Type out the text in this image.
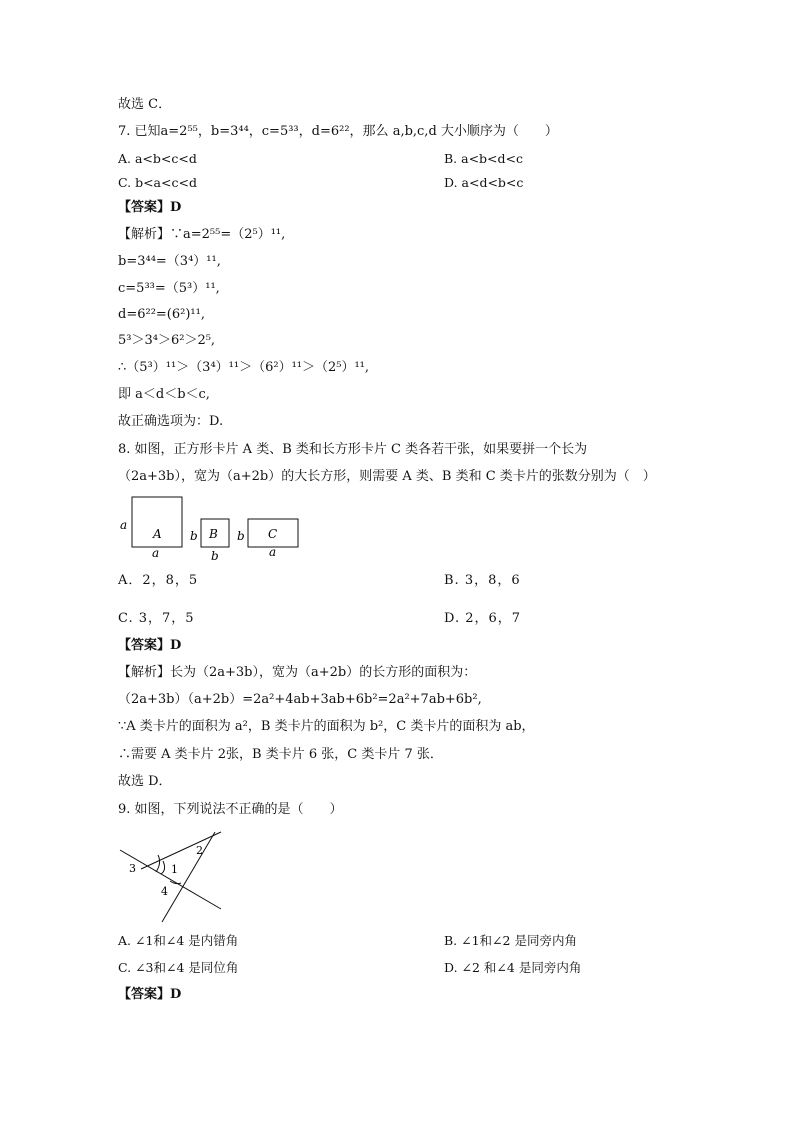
故选 C．
7. 已知a=2⁵⁵，b=3⁴⁴，c=5³³，d=6²²，那么 a,b,c,d 大小顺序为（　　）
A. a<b<c<d	B. a<b<d<c
C. b<a<c<d	D. a<d<b<c
【答案】D
【解析】∵a=2⁵⁵=（2⁵）¹¹,
b=3⁴⁴=（3⁴）¹¹,
c=5³³=（5³）¹¹,
d=6²²=(6²)¹¹,
5³＞3⁴＞6²＞2⁵,
∴（5³）¹¹＞（3⁴）¹¹＞（6²）¹¹＞（2⁵）¹¹,
即 a＜d＜b＜c,
故正确选项为：D.
8. 如图，正方形卡片 A 类、B 类和长方形卡片 C 类各若干张，如果要拼一个长为
（2a+3b），宽为（a+2b）的大长方形，则需要 A 类、B 类和 C 类卡片的张数分别为（　）
A
a
a
B
b
b
C
b
a
A．2，8，5	B. 3，8，6
C. 3，7，5	D. 2，6，7
【答案】D
【解析】长为（2a+3b），宽为（a+2b）的长方形的面积为：
（2a+3b）（a+2b）=2a²+4ab+3ab+6b²=2a²+7ab+6b²,
∵A 类卡片的面积为 a²，B 类卡片的面积为 b²，C 类卡片的面积为 ab，
∴需要 A 类卡片 2张，B 类卡片 6 张，C 类卡片 7 张．
故选 D．
9. 如图，下列说法不正确的是（　　）
1
2
3
4
A. ∠1和∠4 是内错角	B. ∠1和∠2 是同旁内角
C. ∠3和∠4 是同位角	D. ∠2 和∠4 是同旁内角
【答案】D
